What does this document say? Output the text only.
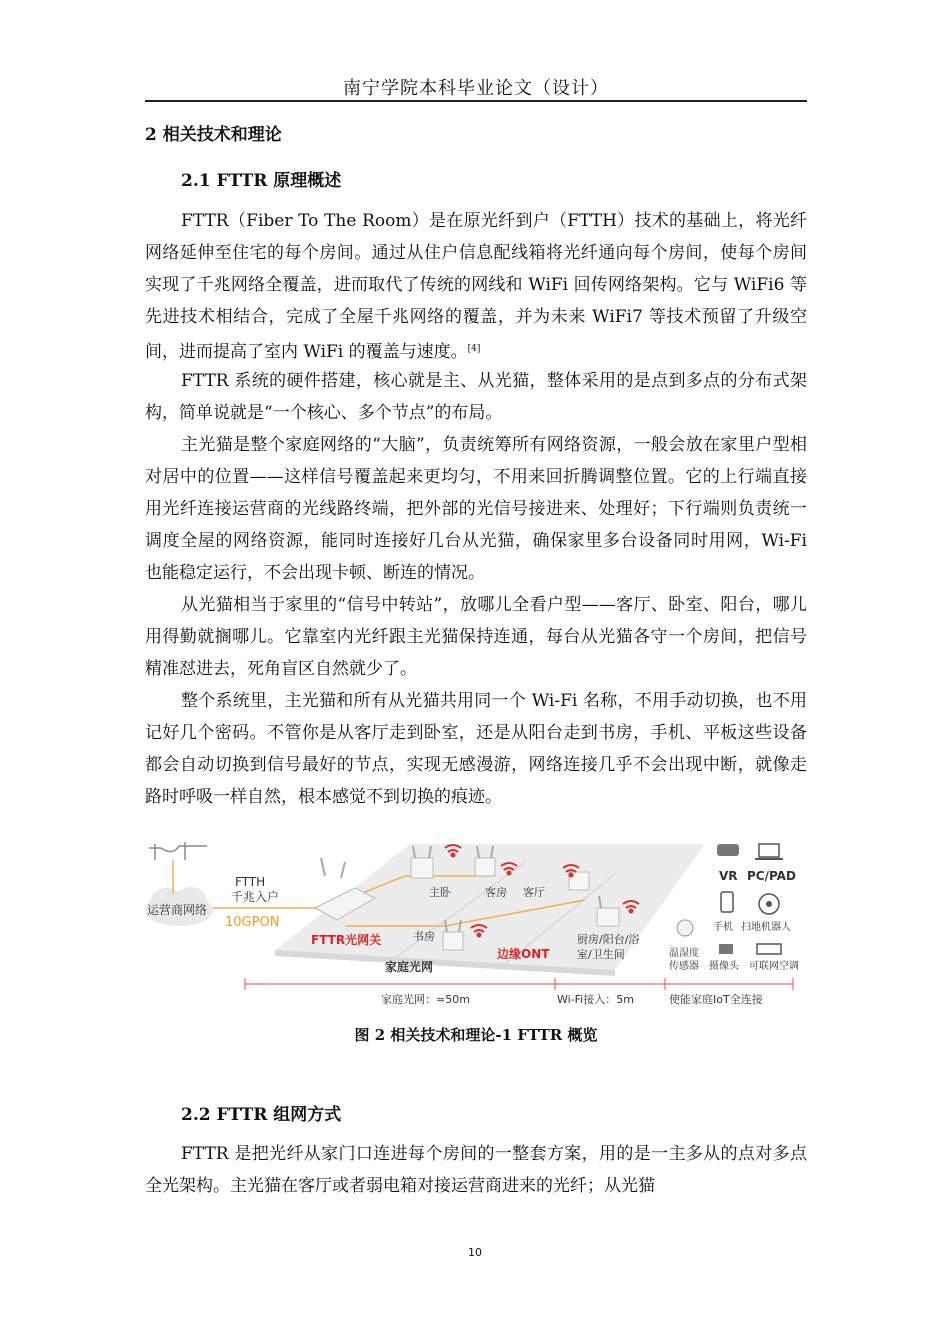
南宁学院本科毕业论文（设计）
2 相关技术和理论
2.1 FTTR 原理概述

FTTR（Fiber To The Room）是在原光纤到户（FTTH）技术的基础上，将光纤网络延伸至住宅的每个房间。通过从住户信息配线箱将光纤通向每个房间，使每个房间实现了千兆网络全覆盖，进而取代了传统的网线和 WiFi 回传网络架构。它与 WiFi6 等先进技术相结合，完成了全屋千兆网络的覆盖，并为未来 WiFi7 等技术预留了升级空间，进而提高了室内 WiFi 的覆盖与速度。[4]

FTTR 系统的硬件搭建，核心就是主、从光猫，整体采用的是点到多点的分布式架构，简单说就是“一个核心、多个节点”的布局。

主光猫是整个家庭网络的“大脑”，负责统筹所有网络资源，一般会放在家里户型相对居中的位置——这样信号覆盖起来更均匀，不用来回折腾调整位置。它的上行端直接用光纤连接运营商的光线路终端，把外部的光信号接进来、处理好；下行端则负责统一调度全屋的网络资源，能同时连接好几台从光猫，确保家里多台设备同时用网，Wi-Fi 也能稳定运行，不会出现卡顿、断连的情况。

从光猫相当于家里的“信号中转站”，放哪儿全看户型——客厅、卧室、阳台，哪儿用得勤就搁哪儿。它靠室内光纤跟主光猫保持连通，每台从光猫各守一个房间，把信号精准怼进去，死角盲区自然就少了。

整个系统里，主光猫和所有从光猫共用同一个 Wi-Fi 名称，不用手动切换，也不用记好几个密码。不管你是从客厅走到卧室，还是从阳台走到书房，手机、平板这些设备都会自动切换到信号最好的节点，实现无感漫游，网络连接几乎不会出现中断，就像走路时呼吸一样自然，根本感觉不到切换的痕迹。

运营商网络
FTTH
千兆入户
10GPON
FTTR光网关
家庭光网
主卧	客房 客厅
厨房/阳台/浴
室/卫生间
书房
边缘ONT
VR PC/PAD
手机 扫地机器人
温湿度
传感器 摄像头 可联网空调
家庭光网：≈50m	Wi-Fi接入：5m	使能家庭IoT全连接
图 2 相关技术和理论-1 FTTR 概览
2.2 FTTR 组网方式

FTTR 是把光纤从家门口连进每个房间的一整套方案，用的是一主多从的点对多点全光架构。主光猫在客厅或者弱电箱对接运营商进来的光纤；从光猫

10
